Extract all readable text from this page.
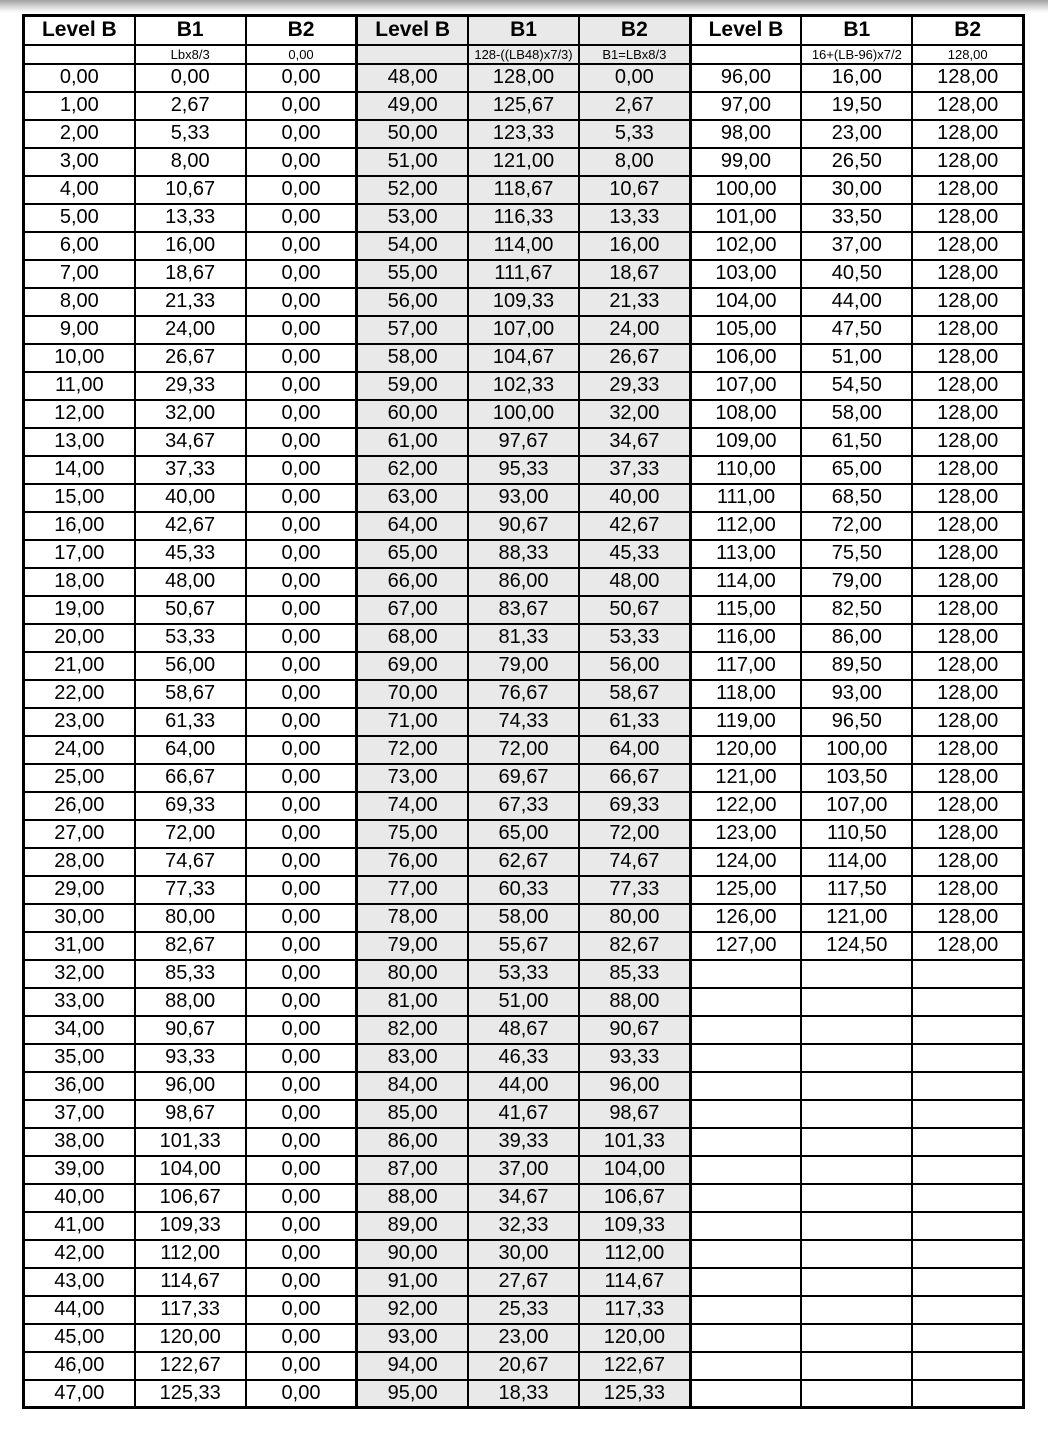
Level B	B1	B2	Level B	B1	B2	Level B	B1	B2
	Lbx8/3	0,00		128-((LB48)x7/3)	B1=LBx8/3		16+(LB-96)x7/2	128,00
0,00	0,00	0,00	48,00	128,00	0,00	96,00	16,00	128,00
1,00	2,67	0,00	49,00	125,67	2,67	97,00	19,50	128,00
2,00	5,33	0,00	50,00	123,33	5,33	98,00	23,00	128,00
3,00	8,00	0,00	51,00	121,00	8,00	99,00	26,50	128,00
4,00	10,67	0,00	52,00	118,67	10,67	100,00	30,00	128,00
5,00	13,33	0,00	53,00	116,33	13,33	101,00	33,50	128,00
6,00	16,00	0,00	54,00	114,00	16,00	102,00	37,00	128,00
7,00	18,67	0,00	55,00	111,67	18,67	103,00	40,50	128,00
8,00	21,33	0,00	56,00	109,33	21,33	104,00	44,00	128,00
9,00	24,00	0,00	57,00	107,00	24,00	105,00	47,50	128,00
10,00	26,67	0,00	58,00	104,67	26,67	106,00	51,00	128,00
11,00	29,33	0,00	59,00	102,33	29,33	107,00	54,50	128,00
12,00	32,00	0,00	60,00	100,00	32,00	108,00	58,00	128,00
13,00	34,67	0,00	61,00	97,67	34,67	109,00	61,50	128,00
14,00	37,33	0,00	62,00	95,33	37,33	110,00	65,00	128,00
15,00	40,00	0,00	63,00	93,00	40,00	111,00	68,50	128,00
16,00	42,67	0,00	64,00	90,67	42,67	112,00	72,00	128,00
17,00	45,33	0,00	65,00	88,33	45,33	113,00	75,50	128,00
18,00	48,00	0,00	66,00	86,00	48,00	114,00	79,00	128,00
19,00	50,67	0,00	67,00	83,67	50,67	115,00	82,50	128,00
20,00	53,33	0,00	68,00	81,33	53,33	116,00	86,00	128,00
21,00	56,00	0,00	69,00	79,00	56,00	117,00	89,50	128,00
22,00	58,67	0,00	70,00	76,67	58,67	118,00	93,00	128,00
23,00	61,33	0,00	71,00	74,33	61,33	119,00	96,50	128,00
24,00	64,00	0,00	72,00	72,00	64,00	120,00	100,00	128,00
25,00	66,67	0,00	73,00	69,67	66,67	121,00	103,50	128,00
26,00	69,33	0,00	74,00	67,33	69,33	122,00	107,00	128,00
27,00	72,00	0,00	75,00	65,00	72,00	123,00	110,50	128,00
28,00	74,67	0,00	76,00	62,67	74,67	124,00	114,00	128,00
29,00	77,33	0,00	77,00	60,33	77,33	125,00	117,50	128,00
30,00	80,00	0,00	78,00	58,00	80,00	126,00	121,00	128,00
31,00	82,67	0,00	79,00	55,67	82,67	127,00	124,50	128,00
32,00	85,33	0,00	80,00	53,33	85,33			
33,00	88,00	0,00	81,00	51,00	88,00			
34,00	90,67	0,00	82,00	48,67	90,67			
35,00	93,33	0,00	83,00	46,33	93,33			
36,00	96,00	0,00	84,00	44,00	96,00			
37,00	98,67	0,00	85,00	41,67	98,67			
38,00	101,33	0,00	86,00	39,33	101,33			
39,00	104,00	0,00	87,00	37,00	104,00			
40,00	106,67	0,00	88,00	34,67	106,67			
41,00	109,33	0,00	89,00	32,33	109,33			
42,00	112,00	0,00	90,00	30,00	112,00			
43,00	114,67	0,00	91,00	27,67	114,67			
44,00	117,33	0,00	92,00	25,33	117,33			
45,00	120,00	0,00	93,00	23,00	120,00			
46,00	122,67	0,00	94,00	20,67	122,67			
47,00	125,33	0,00	95,00	18,33	125,33			
